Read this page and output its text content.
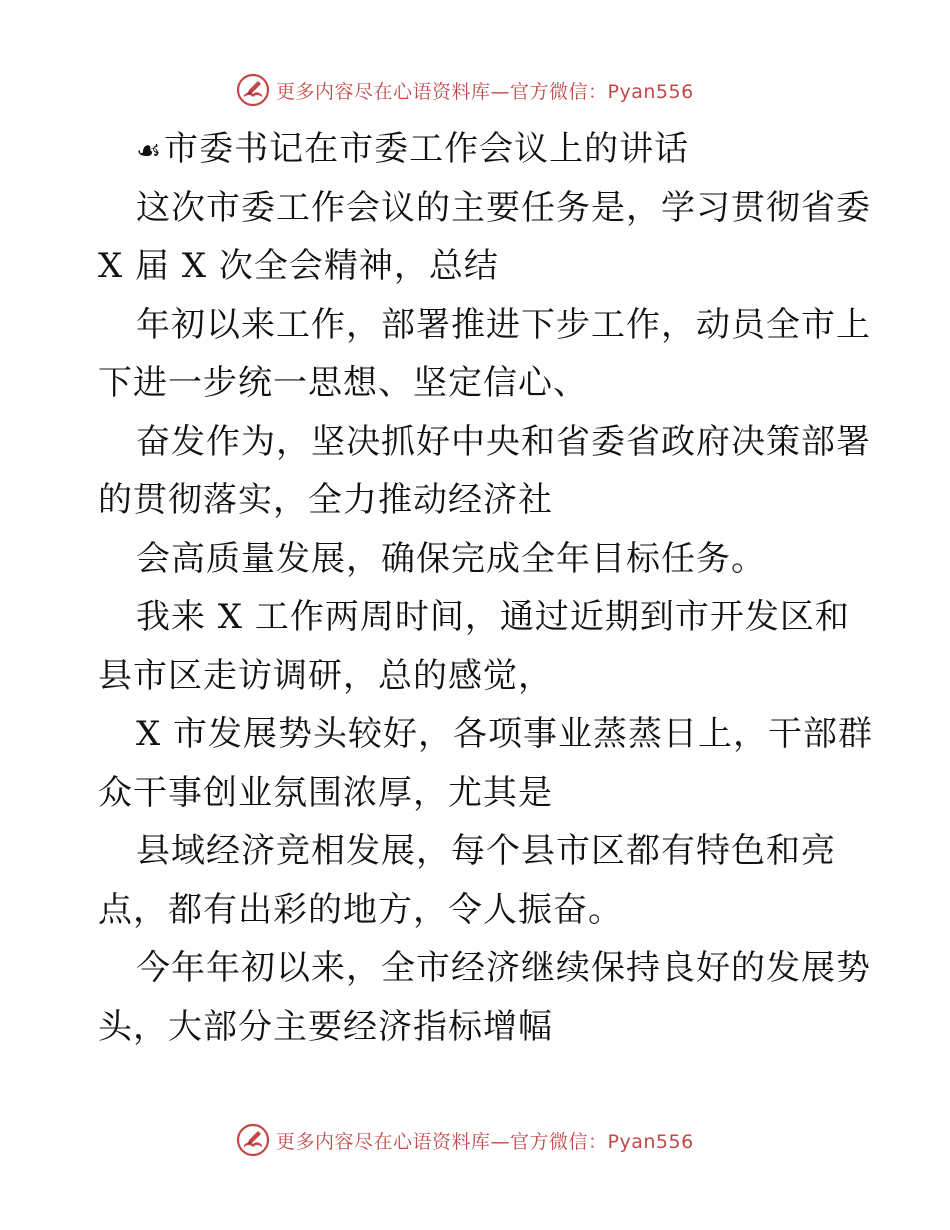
更多内容尽在心语资料库—官方微信：Pyan556
☙市委书记在市委工作会议上的讲话
这次市委工作会议的主要任务是，学习贯彻省委
X 届 X 次全会精神，总结
年初以来工作，部署推进下步工作，动员全市上
下进一步统一思想、坚定信心、
奋发作为，坚决抓好中央和省委省政府决策部署
的贯彻落实，全力推动经济社
会高质量发展，确保完成全年目标任务。
我来 X 工作两周时间，通过近期到市开发区和
县市区走访调研，总的感觉，
X 市发展势头较好，各项事业蒸蒸日上，干部群
众干事创业氛围浓厚，尤其是
县域经济竞相发展，每个县市区都有特色和亮
点，都有出彩的地方，令人振奋。
今年年初以来，全市经济继续保持良好的发展势
头，大部分主要经济指标增幅
更多内容尽在心语资料库—官方微信：Pyan556
